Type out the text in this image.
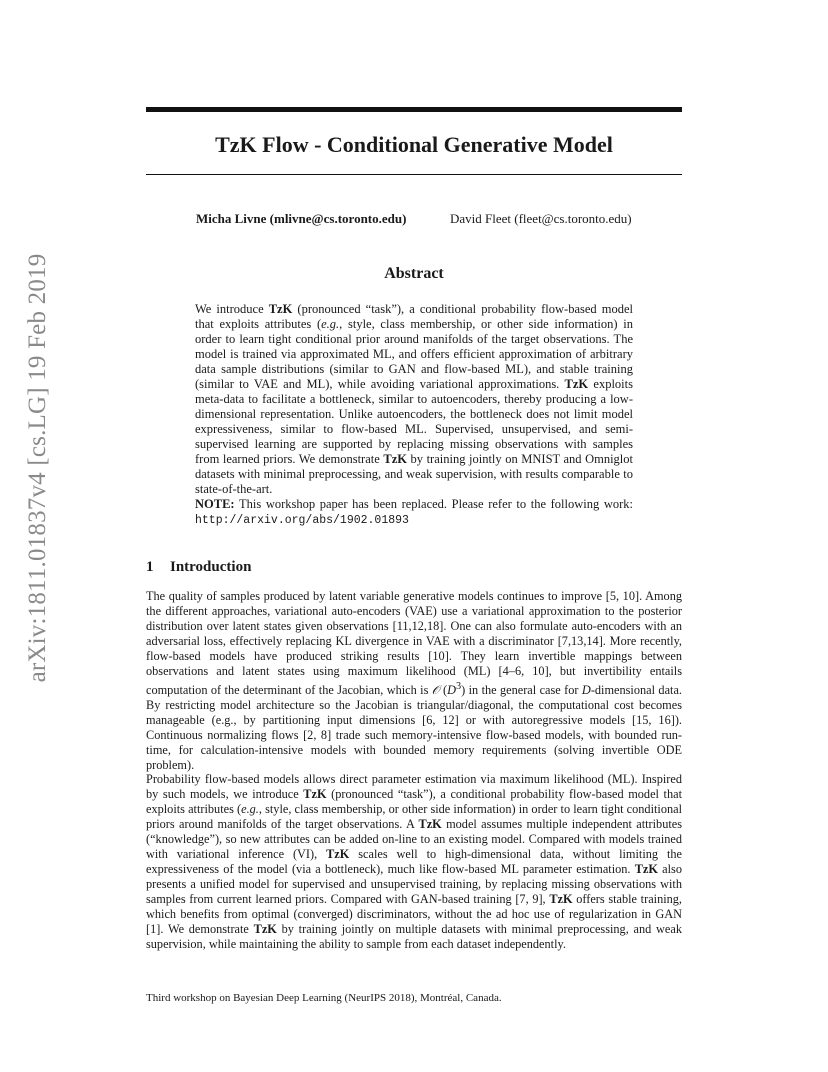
arXiv:1811.01837v4 [cs.LG] 19 Feb 2019
TzK Flow - Conditional Generative Model
Micha Livne (mlivne@cs.toronto.edu)	David Fleet (fleet@cs.toronto.edu)
Abstract

We introduce TzK (pronounced “task”), a conditional probability flow-based model that exploits attributes (e.g., style, class membership, or other side information) in order to learn tight conditional prior around manifolds of the target observations. The model is trained via approximated ML, and offers efficient approximation of arbitrary data sample distributions (similar to GAN and flow-based ML), and stable training (similar to VAE and ML), while avoiding variational approximations. TzK exploits meta-data to facilitate a bottleneck, similar to autoencoders, thereby producing a low-dimensional representation. Unlike autoencoders, the bottleneck does not limit model expressiveness, similar to flow-based ML. Supervised, unsupervised, and semi-supervised learning are supported by replacing missing observations with samples from learned priors. We demonstrate TzK by training jointly on MNIST and Omniglot datasets with minimal preprocessing, and weak supervision, with results comparable to state-of-the-art.

NOTE: This workshop paper has been replaced. Please refer to the following work: http://arxiv.org/abs/1902.01893

1 Introduction

The quality of samples produced by latent variable generative models continues to improve [5, 10]. Among the different approaches, variational auto-encoders (VAE) use a variational approximation to the posterior distribution over latent states given observations [11,12,18]. One can also formulate auto-encoders with an adversarial loss, effectively replacing KL divergence in VAE with a discriminator [7,13,14]. More recently, flow-based models have produced striking results [10]. They learn invertible mappings between observations and latent states using maximum likelihood (ML) [4–6, 10], but invertibility entails computation of the determinant of the Jacobian, which is 𝒪 $(D^3)$ in the general case for D-dimensional data. By restricting model architecture so the Jacobian is triangular/diagonal, the computational cost becomes manageable (e.g., by partitioning input dimensions [6, 12] or with autoregressive models [15, 16]). Continuous normalizing flows [2, 8] trade such memory-intensive flow-based models, with bounded run-time, for calculation-intensive models with bounded memory requirements (solving invertible ODE problem).

Probability flow-based models allows direct parameter estimation via maximum likelihood (ML). Inspired by such models, we introduce TzK (pronounced “task”), a conditional probability flow-based model that exploits attributes (e.g., style, class membership, or other side information) in order to learn tight conditional priors around manifolds of the target observations. A TzK model assumes multiple independent attributes (“knowledge”), so new attributes can be added on-line to an existing model. Compared with models trained with variational inference (VI), TzK scales well to high-dimensional data, without limiting the expressiveness of the model (via a bottleneck), much like flow-based ML parameter estimation. TzK also presents a unified model for supervised and unsupervised training, by replacing missing observations with samples from current learned priors. Compared with GAN-based training [7, 9], TzK offers stable training, which benefits from optimal (converged) discriminators, without the ad hoc use of regularization in GAN [1]. We demonstrate TzK by training jointly on multiple datasets with minimal preprocessing, and weak supervision, while maintaining the ability to sample from each dataset independently.

Third workshop on Bayesian Deep Learning (NeurIPS 2018), Montréal, Canada.
